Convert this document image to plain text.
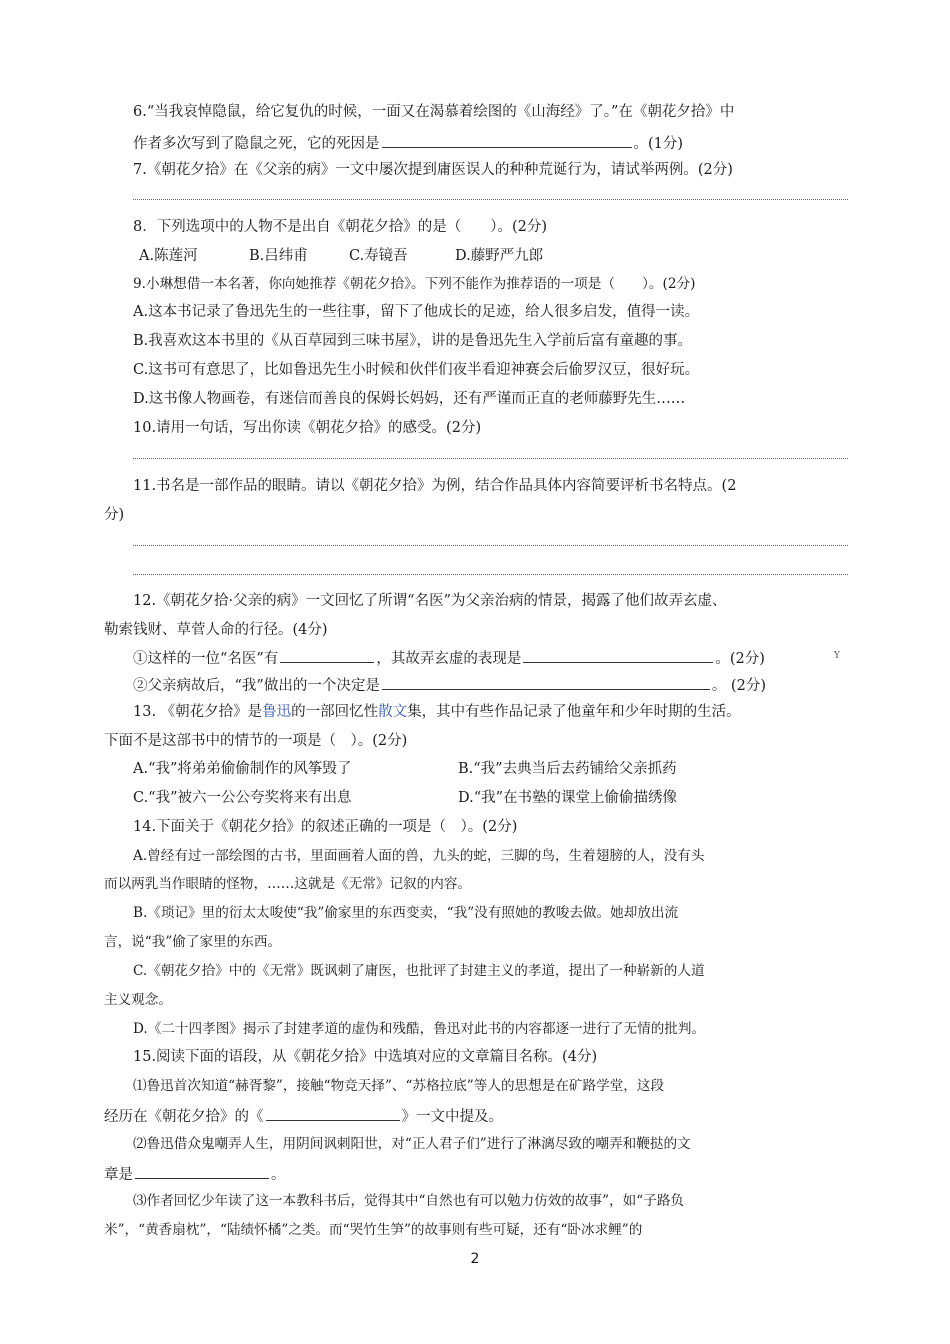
6.“当我哀悼隐鼠，给它复仇的时候，一面又在渴慕着绘图的《山海经》了。”在《朝花夕拾》中

作者多次写到了隐鼠之死，它的死因是	。(1分)

7.《朝花夕拾》在《父亲的病》一文中屡次提到庸医误人的种种荒诞行为，请试举两例。(2分)

8．下列选项中的人物不是出自《朝花夕拾》的是（　　）。(2分)

A.陈莲河	B.吕纬甫	C.寿镜吾	D.藤野严九郎

9.小琳想借一本名著，你向她推荐《朝花夕拾》。下列不能作为推荐语的一项是（　　）。(2分)

A.这本书记录了鲁迅先生的一些往事，留下了他成长的足迹，给人很多启发，值得一读。

B.我喜欢这本书里的《从百草园到三味书屋》，讲的是鲁迅先生入学前后富有童趣的事。

C.这书可有意思了，比如鲁迅先生小时候和伙伴们夜半看迎神赛会后偷罗汉豆，很好玩。

D.这书像人物画卷，有迷信而善良的保姆长妈妈，还有严谨而正直的老师藤野先生……

10.请用一句话，写出你读《朝花夕拾》的感受。(2分)

11.书名是一部作品的眼睛。请以《朝花夕拾》为例，结合作品具体内容简要评析书名特点。(2

分)

12.《朝花夕拾·父亲的病》一文回忆了所谓“名医”为父亲治病的情景，揭露了他们故弄玄虚、

勒索钱财、草菅人命的行径。(4分)

①这样的一位“名医”有	，其故弄玄虚的表现是	。(2分)	Y

②父亲病故后，“我”做出的一个决定是	。 (2分)

13. 《朝花夕拾》是鲁迅的一部回忆性散文集，其中有些作品记录了他童年和少年时期的生活。

下面不是这部书中的情节的一项是（　）。(2分)

A.“我”将弟弟偷偷制作的风筝毁了	B.“我”去典当后去药铺给父亲抓药

C.“我”被六一公公夸奖将来有出息	D.“我”在书塾的课堂上偷偷描绣像

14.下面关于《朝花夕拾》的叙述正确的一项是（　）。(2分)

A.曾经有过一部绘图的古书，里面画着人面的兽，九头的蛇，三脚的鸟，生着翅膀的人，没有头

而以两乳当作眼睛的怪物，……这就是《无常》记叙的内容。

B.《琐记》里的衍太太唆使“我”偷家里的东西变卖，“我”没有照她的教唆去做。她却放出流

言，说“我”偷了家里的东西。

C.《朝花夕拾》中的《无常》既讽刺了庸医，也批评了封建主义的孝道，提出了一种崭新的人道

主义观念。

D.《二十四孝图》揭示了封建孝道的虚伪和残酷，鲁迅对此书的内容都逐一进行了无情的批判。

15.阅读下面的语段，从《朝花夕拾》中选填对应的文章篇目名称。(4分)

⑴鲁迅首次知道“赫胥黎”，接触“物竞天择”、“苏格拉底”等人的思想是在矿路学堂，这段

经历在《朝花夕拾》的《	》一文中提及。

⑵鲁迅借众鬼嘲弄人生，用阴间讽刺阳世，对“正人君子们”进行了淋漓尽致的嘲弄和鞭挞的文

章是	。

⑶作者回忆少年读了这一本教科书后，觉得其中“自然也有可以勉力仿效的故事”，如“子路负

米”，“黄香扇枕”，“陆绩怀橘”之类。而“哭竹生笋”的故事则有些可疑，还有“卧冰求鲤”的

2
